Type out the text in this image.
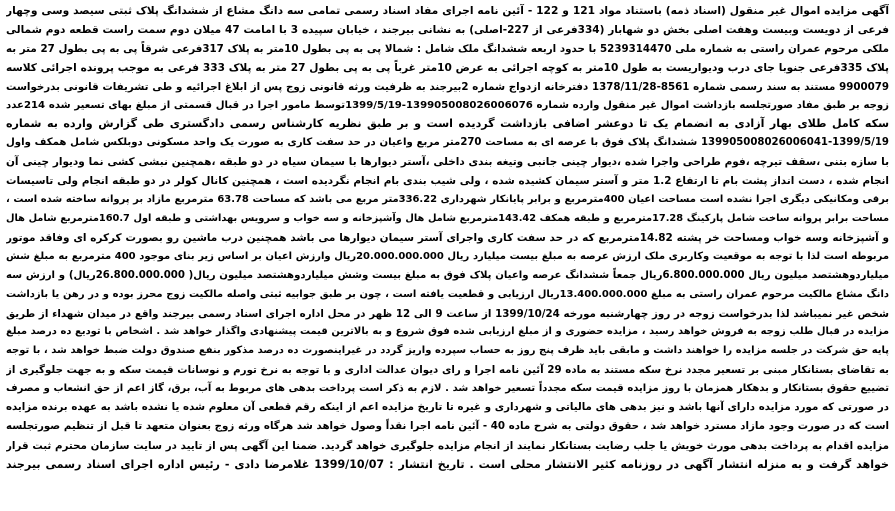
آگهی مزایده اموال غیر منقول (اسناد ذمه) باستناد مواد 121 و 122 - آئین نامه اجرای مفاد اسناد رسمی تمامی سه دانگ مشاع از ششدانگ پلاک ثبتی سیصد وسی وچهار
فرعی از دویست وبیست وهفت اصلی بخش دو شهابار (334فرعی از 227-اصلی) به نشانی بیرجند ، خیابان سپیده 3 با امامت 47 میلان دوم سمت راست قطعه دوم شمالی
ملکی مرحوم عمران راستی به شماره ملی 5239314470 با حدود اربعه ششدانگ ملک شامل : شمالا پی به پی بطول 10متر به پلاک 317فرعی شرقاً پی به پی بطول 27 متر به
پلاک 335فرعی جنوبا جای درب ودیواریست به طول 10متر به کوچه اجرائی به عرض 10متر غرباً پی به پی بطول 27 متر به پلاک 333 فرعی به موجب پرونده اجرائی کلاسه
9900079 مستند به سند رسمی شماره 8561-1378/11/28 دفترخانه ازدواج شماره 2بیرجند به ظرفیت ورثه قانونی زوج پس از ابلاغ اجرائیه و طی تشریفات قانونی بدرخواست
زوجه بر طبق مفاد صورتجلسه بازداشت اموال غیر منقول وارده شماره 139905008026006076-1399/5/19توسط مامور اجرا در قبال قسمتی از مبلغ بهای تسعیر شده 214عدد
سکه کامل طلای بهار آزادی به انضمام یک تا دوعشر اضافی بازداشت گردیده است و بر طبق نظریه کارشناس رسمی دادگستری طی گزارش وارده به شماره
139905008026006041-1399/5/19 ششدانگ پلاک فوق با عرصه ای به مساحت 270متر مربع واعیان در حد سفت کاری به صورت یک واحد مسکونی دوبلکس شامل همکف واول
با سازه بتنی ،سقف تیرچه ،فوم طراحی واجرا شده ،دیوار چینی جانبی وتیغه بندی داخلی ،آستر دیوارها با سیمان سیاه در دو طبقه ،همچنین نبشی کشی نما ودیوار چینی آن
انجام شده ، دست انداز پشت بام تا ارتفاع 1.2 متر و آستر سیمان کشیده شده ، ولی شیب بندی بام انجام نگردیده است ، همچنین کانال کولر در دو طبقه انجام ولی تاسیسات
برقی ومکانیکی دیگری اجرا نشده است مساحت اعیان 400مترمربع و برابر پایانکار شهرداری 336.22متر مربع می باشد که مساحت 63.78 مترمربع مازاد بر پروانه ساخته شده است ،
مساحت برابر پروانه ساخت شامل پارکینگ 17.28مترمربع و طبقه همکف 143.42مترمربع شامل هال وآشپزخانه و سه خواب و سرویس بهداشتی و طبقه اول 160.7مترمربع شامل هال
و آشپزخانه وسه خواب ومساحت خر پشته 14.82مترمربع که در حد سفت کاری واجرای آستر سیمان دیوارها می باشد همچنین درب ماشین رو بصورت کرکره ای وفاقد موتور
مربوطه است لذا با توجه به موقعیت وکاربری ملک ارزش عرصه به مبلغ بیست میلیارد ریال 20.000.000.000ریال وارزش اعیان بر اساس زیر بنای موجود 400 مترمربع به مبلغ شش
میلیاردوهشتصد میلیون ریال 6.800.000.000ریال جمعاً ششدانگ عرصه واعیان پلاک فوق به مبلغ بیست وشش میلیاردوهشتصد میلیون ریال( 26.800.000.000ریال) و ارزش سه
دانگ مشاع مالکیت مرحوم عمران راستی به مبلغ 13.400.000.000ریال ارزیابی و قطعیت یافته است ، چون بر طبق جوابیه ثبتی واصله مالکیت زوج محرز بوده و در رهن یا بازداشت
شخص غیر نمیباشد لذا بدرخواست زوجه در روز چهارشنبه مورخه 1399/10/24 از ساعت 9 الی 12 ظهر در محل اداره اجرای اسناد رسمی بیرجند واقع در میدان شهداء از طریق
مزایده در قبال طلب زوجه به فروش خواهد رسید ، مزایده حضوری و از مبلغ ارزیابی شده فوق شروع و به بالاترین قیمت پیشنهادی واگذار خواهد شد . اشخاص با تودیع ده درصد مبلغ
پایه حق شرکت در جلسه مزایده را خواهند داشت و مابقی باید ظرف پنج روز به حساب سپرده واریز گردد در غیراینصورت ده درصد مذکور بنفع صندوق دولت ضبط خواهد شد ، با توجه
به تقاضای بستانکار مبنی بر تسعیر مجدد نرخ سکه مستند به ماده 29 آئین نامه اجرا و رای دیوان عدالت اداری و با توجه به نرخ تورم و نوسانات قیمت سکه و به جهت جلوگیری از
تضییع حقوق بستانکار و بدهکار همزمان با روز مزایده قیمت سکه مجدداً تسعیر خواهد شد . لازم به ذکر است پرداخت بدهی های مربوط به آب، برق، گاز اعم از حق انشعاب و مصرف
در صورتی که مورد مزایده دارای آنها باشد و نیز بدهی های مالیاتی و شهرداری و غیره تا تاریخ مزایده اعم از اینکه رقم قطعی آن معلوم شده یا نشده باشد به عهده برنده مزایده
است که در صورت وجود مازاد مسترد خواهد شد ، حقوق دولتی به شرح ماده 40 - آئین نامه اجرا نقداً وصول خواهد شد هرگاه ورثه زوج بعنوان متعهد تا قبل از تنظیم صورتجلسه
مزایده اقدام به پرداخت بدهی مورث خویش یا جلب رضایت بستانکار نمایند از انجام مزایده جلوگیری خواهد گردید. ضمنا این آگهی پس از تایید در سایت سازمان محترم ثبت قرار
خواهد گرفت و به منزله انتشار آگهی در روزنامه کثیر الانتشار محلی است . تاریخ انتشار : 1399/10/07 غلامرضا دادی - رئیس اداره اجرای اسناد رسمی بیرجند
